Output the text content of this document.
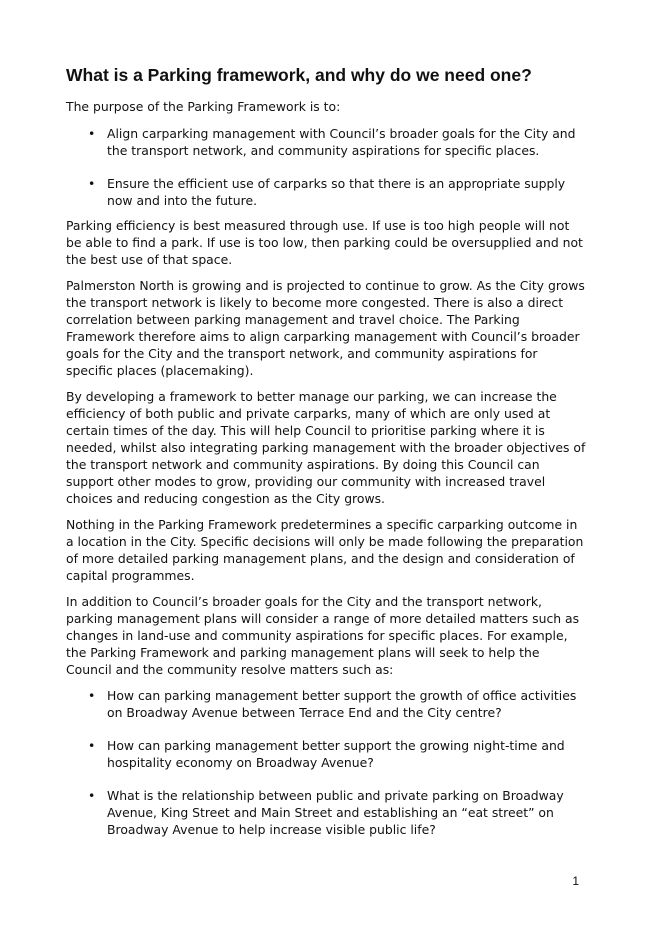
What is a Parking framework, and why do we need one?

The purpose of the Parking Framework is to:

• Align carparking management with Council’s broader goals for the City and the transport network, and community aspirations for specific places.
• Ensure the efficient use of carparks so that there is an appropriate supply now and into the future.

Parking efficiency is best measured through use. If use is too high people will not be able to find a park. If use is too low, then parking could be oversupplied and not the best use of that space.

Palmerston North is growing and is projected to continue to grow. As the City grows the transport network is likely to become more congested. There is also a direct correlation between parking management and travel choice. The Parking Framework therefore aims to align carparking management with Council’s broader goals for the City and the transport network, and community aspirations for specific places (placemaking).

By developing a framework to better manage our parking, we can increase the efficiency of both public and private carparks, many of which are only used at certain times of the day. This will help Council to prioritise parking where it is needed, whilst also integrating parking management with the broader objectives of the transport network and community aspirations. By doing this Council can support other modes to grow, providing our community with increased travel choices and reducing congestion as the City grows.

Nothing in the Parking Framework predetermines a specific carparking outcome in a location in the City. Specific decisions will only be made following the preparation of more detailed parking management plans, and the design and consideration of capital programmes.

In addition to Council’s broader goals for the City and the transport network, parking management plans will consider a range of more detailed matters such as changes in land-use and community aspirations for specific places. For example, the Parking Framework and parking management plans will seek to help the Council and the community resolve matters such as:

• How can parking management better support the growth of office activities on Broadway Avenue between Terrace End and the City centre?
• How can parking management better support the growing night-time and hospitality economy on Broadway Avenue?
• What is the relationship between public and private parking on Broadway Avenue, King Street and Main Street and establishing an “eat street” on Broadway Avenue to help increase visible public life?
1
